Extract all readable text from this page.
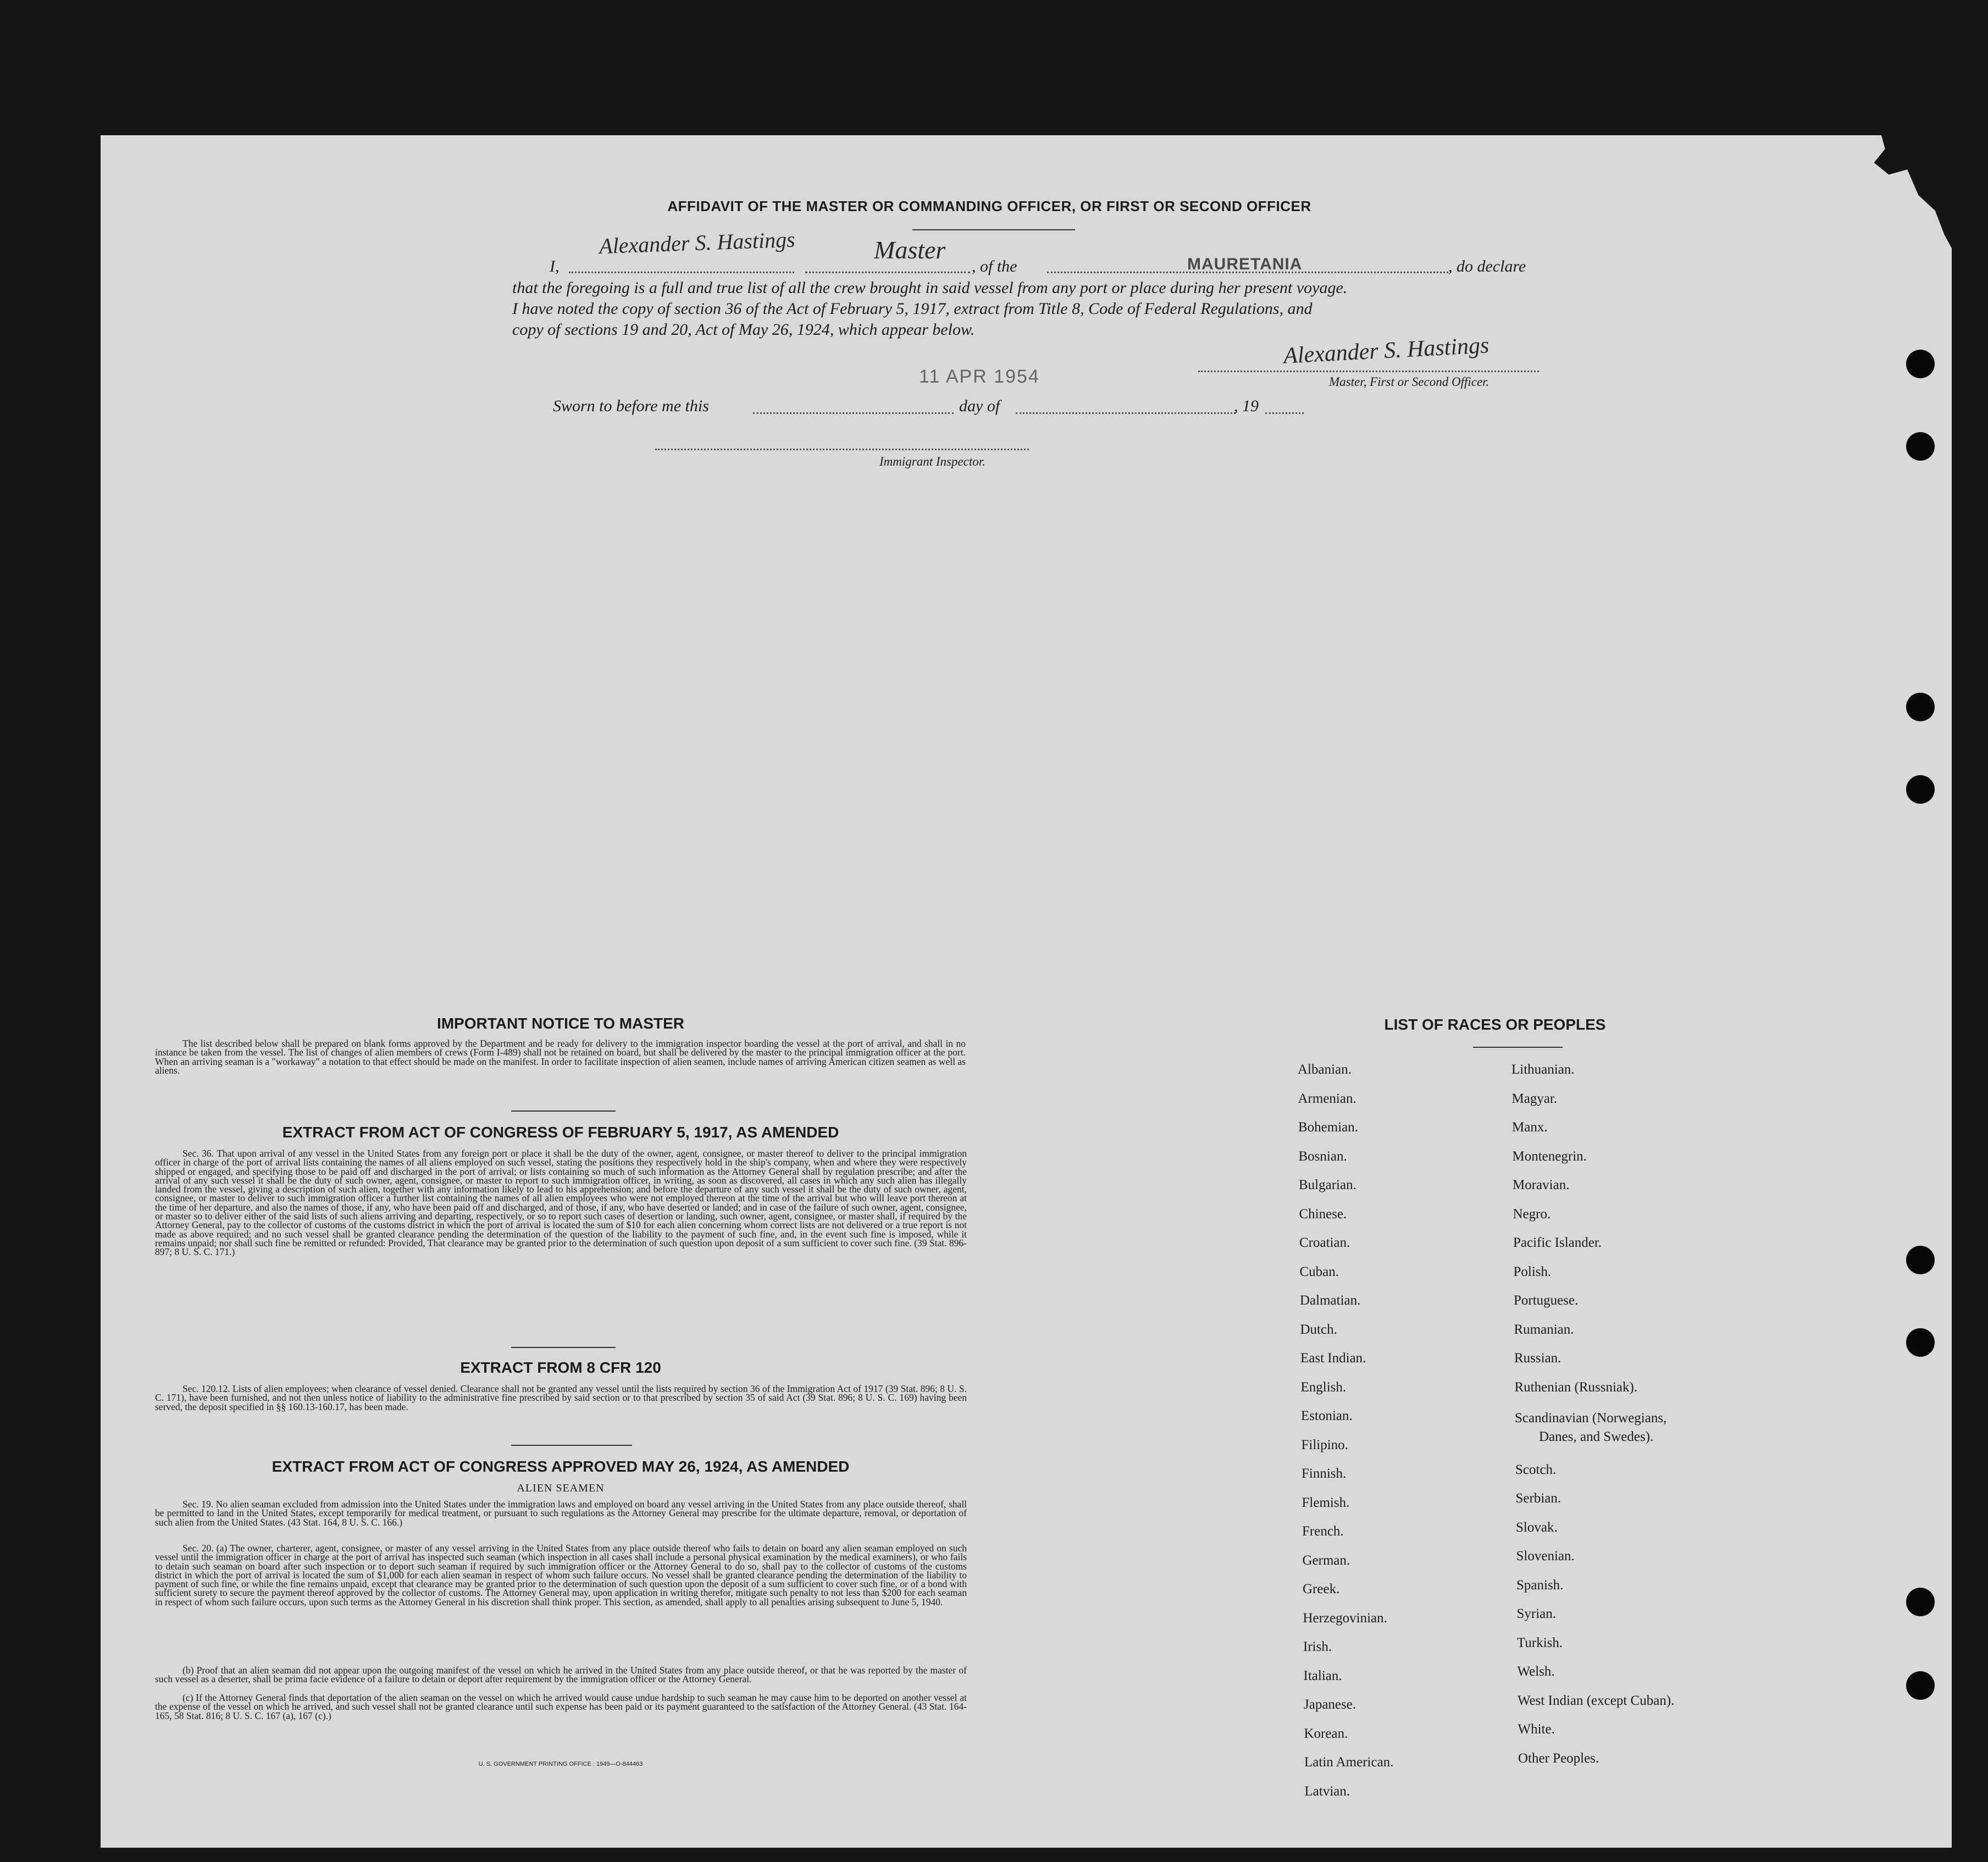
AFFIDAVIT OF THE MASTER OR COMMANDING OFFICER, OR FIRST OR SECOND OFFICER
I,
Alexander S. Hastings	Master
, of the	MAURETANIA	, do declare
that the foregoing is a full and true list of all the crew brought in said vessel from any port or place during her present voyage.
I have noted the copy of section 36 of the Act of February 5, 1917, extract from Title 8, Code of Federal Regulations, and
copy of sections 19 and 20, Act of May 26, 1924, which appear below.
Alexander S. Hastings
Master, First or Second Officer.
11 APR 1954
Sworn to before me this	day of	, 19
Immigrant Inspector.
IMPORTANT NOTICE TO MASTER
The list described below shall be prepared on blank forms approved by the Department and be ready for delivery to the immigration inspector boarding the vessel at the port of arrival, and shall in no instance be taken from the vessel. The list of changes of alien members of crews (Form I-489) shall not be retained on board, but shall be delivered by the master to the principal immigration officer at the port. When an arriving seaman is a "workaway" a notation to that effect should be made on the manifest. In order to facilitate inspection of alien seamen, include names of arriving American citizen seamen as well as aliens.
EXTRACT FROM ACT OF CONGRESS OF FEBRUARY 5, 1917, AS AMENDED
Sec. 36. That upon arrival of any vessel in the United States from any foreign port or place it shall be the duty of the owner, agent, consignee, or master thereof to deliver to the principal immigration officer in charge of the port of arrival lists containing the names of all aliens employed on such vessel, stating the positions they respectively hold in the ship's company, when and where they were respectively shipped or engaged, and specifying those to be paid off and discharged in the port of arrival; or lists containing so much of such information as the Attorney General shall by regulation prescribe; and after the arrival of any such vessel it shall be the duty of such owner, agent, consignee, or master to report to such immigration officer, in writing, as soon as discovered, all cases in which any such alien has illegally landed from the vessel, giving a description of such alien, together with any information likely to lead to his apprehension; and before the departure of any such vessel it shall be the duty of such owner, agent, consignee, or master to deliver to such immigration officer a further list containing the names of all alien employees who were not employed thereon at the time of the arrival but who will leave port thereon at the time of her departure, and also the names of those, if any, who have been paid off and discharged, and of those, if any, who have deserted or landed; and in case of the failure of such owner, agent, consignee, or master so to deliver either of the said lists of such aliens arriving and departing, respectively, or so to report such cases of desertion or landing, such owner, agent, consignee, or master shall, if required by the Attorney General, pay to the collector of customs of the customs district in which the port of arrival is located the sum of $10 for each alien concerning whom correct lists are not delivered or a true report is not made as above required; and no such vessel shall be granted clearance pending the determination of the question of the liability to the payment of such fine, and, in the event such fine is imposed, while it remains unpaid; nor shall such fine be remitted or refunded: Provided, That clearance may be granted prior to the determination of such question upon deposit of a sum sufficient to cover such fine. (39 Stat. 896-897; 8 U. S. C. 171.)
EXTRACT FROM 8 CFR 120
Sec. 120.12. Lists of alien employees; when clearance of vessel denied. Clearance shall not be granted any vessel until the lists required by section 36 of the Immigration Act of 1917 (39 Stat. 896; 8 U. S. C. 171), have been furnished, and not then unless notice of liability to the administrative fine prescribed by said section or to that prescribed by section 35 of said Act (39 Stat. 896; 8 U. S. C. 169) having been served, the deposit specified in §§ 160.13-160.17, has been made.
EXTRACT FROM ACT OF CONGRESS APPROVED MAY 26, 1924, AS AMENDED
ALIEN SEAMEN
Sec. 19. No alien seaman excluded from admission into the United States under the immigration laws and employed on board any vessel arriving in the United States from any place outside thereof, shall be permitted to land in the United States, except temporarily for medical treatment, or pursuant to such regulations as the Attorney General may prescribe for the ultimate departure, removal, or deportation of such alien from the United States. (43 Stat. 164, 8 U. S. C. 166.)
Sec. 20. (a) The owner, charterer, agent, consignee, or master of any vessel arriving in the United States from any place outside thereof who fails to detain on board any alien seaman employed on such vessel until the immigration officer in charge at the port of arrival has inspected such seaman (which inspection in all cases shall include a personal physical examination by the medical examiners), or who fails to detain such seaman on board after such inspection or to deport such seaman if required by such immigration officer or the Attorney General to do so, shall pay to the collector of customs of the customs district in which the port of arrival is located the sum of $1,000 for each alien seaman in respect of whom such failure occurs. No vessel shall be granted clearance pending the determination of the liability to payment of such fine, or while the fine remains unpaid, except that clearance may be granted prior to the determination of such question upon the deposit of a sum sufficient to cover such fine, or of a bond with sufficient surety to secure the payment thereof approved by the collector of customs. The Attorney General may, upon application in writing therefor, mitigate such penalty to not less than $200 for each seaman in respect of whom such failure occurs, upon such terms as the Attorney General in his discretion shall think proper. This section, as amended, shall apply to all penalties arising subsequent to June 5, 1940.
(b) Proof that an alien seaman did not appear upon the outgoing manifest of the vessel on which he arrived in the United States from any place outside thereof, or that he was reported by the master of such vessel as a deserter, shall be prima facie evidence of a failure to detain or deport after requirement by the immigration officer or the Attorney General.
(c) If the Attorney General finds that deportation of the alien seaman on the vessel on which he arrived would cause undue hardship to such seaman he may cause him to be deported on another vessel at the expense of the vessel on which he arrived, and such vessel shall not be granted clearance until such expense has been paid or its payment guaranteed to the satisfaction of the Attorney General. (43 Stat. 164-165, 58 Stat. 816; 8 U. S. C. 167 (a), 167 (c).)
U. S. GOVERNMENT PRINTING OFFICE : 1949—O-844463
LIST OF RACES OR PEOPLES
Albanian.
Armenian.
Bohemian.
Bosnian.
Bulgarian.
Chinese.
Croatian.
Cuban.
Dalmatian.
Dutch.
East Indian.
English.
Estonian.
Filipino.
Finnish.
Flemish.
French.
German.
Greek.
Herzegovinian.
Irish.
Italian.
Japanese.
Korean.
Latin American.
Latvian.
Lithuanian.
Magyar.
Manx.
Montenegrin.
Moravian.
Negro.
Pacific Islander.
Polish.
Portuguese.
Rumanian.
Russian.
Ruthenian (Russniak).
Scandinavian (Norwegians,
Danes, and Swedes).
Scotch.
Serbian.
Slovak.
Slovenian.
Spanish.
Syrian.
Turkish.
Welsh.
West Indian (except Cuban).
White.
Other Peoples.
